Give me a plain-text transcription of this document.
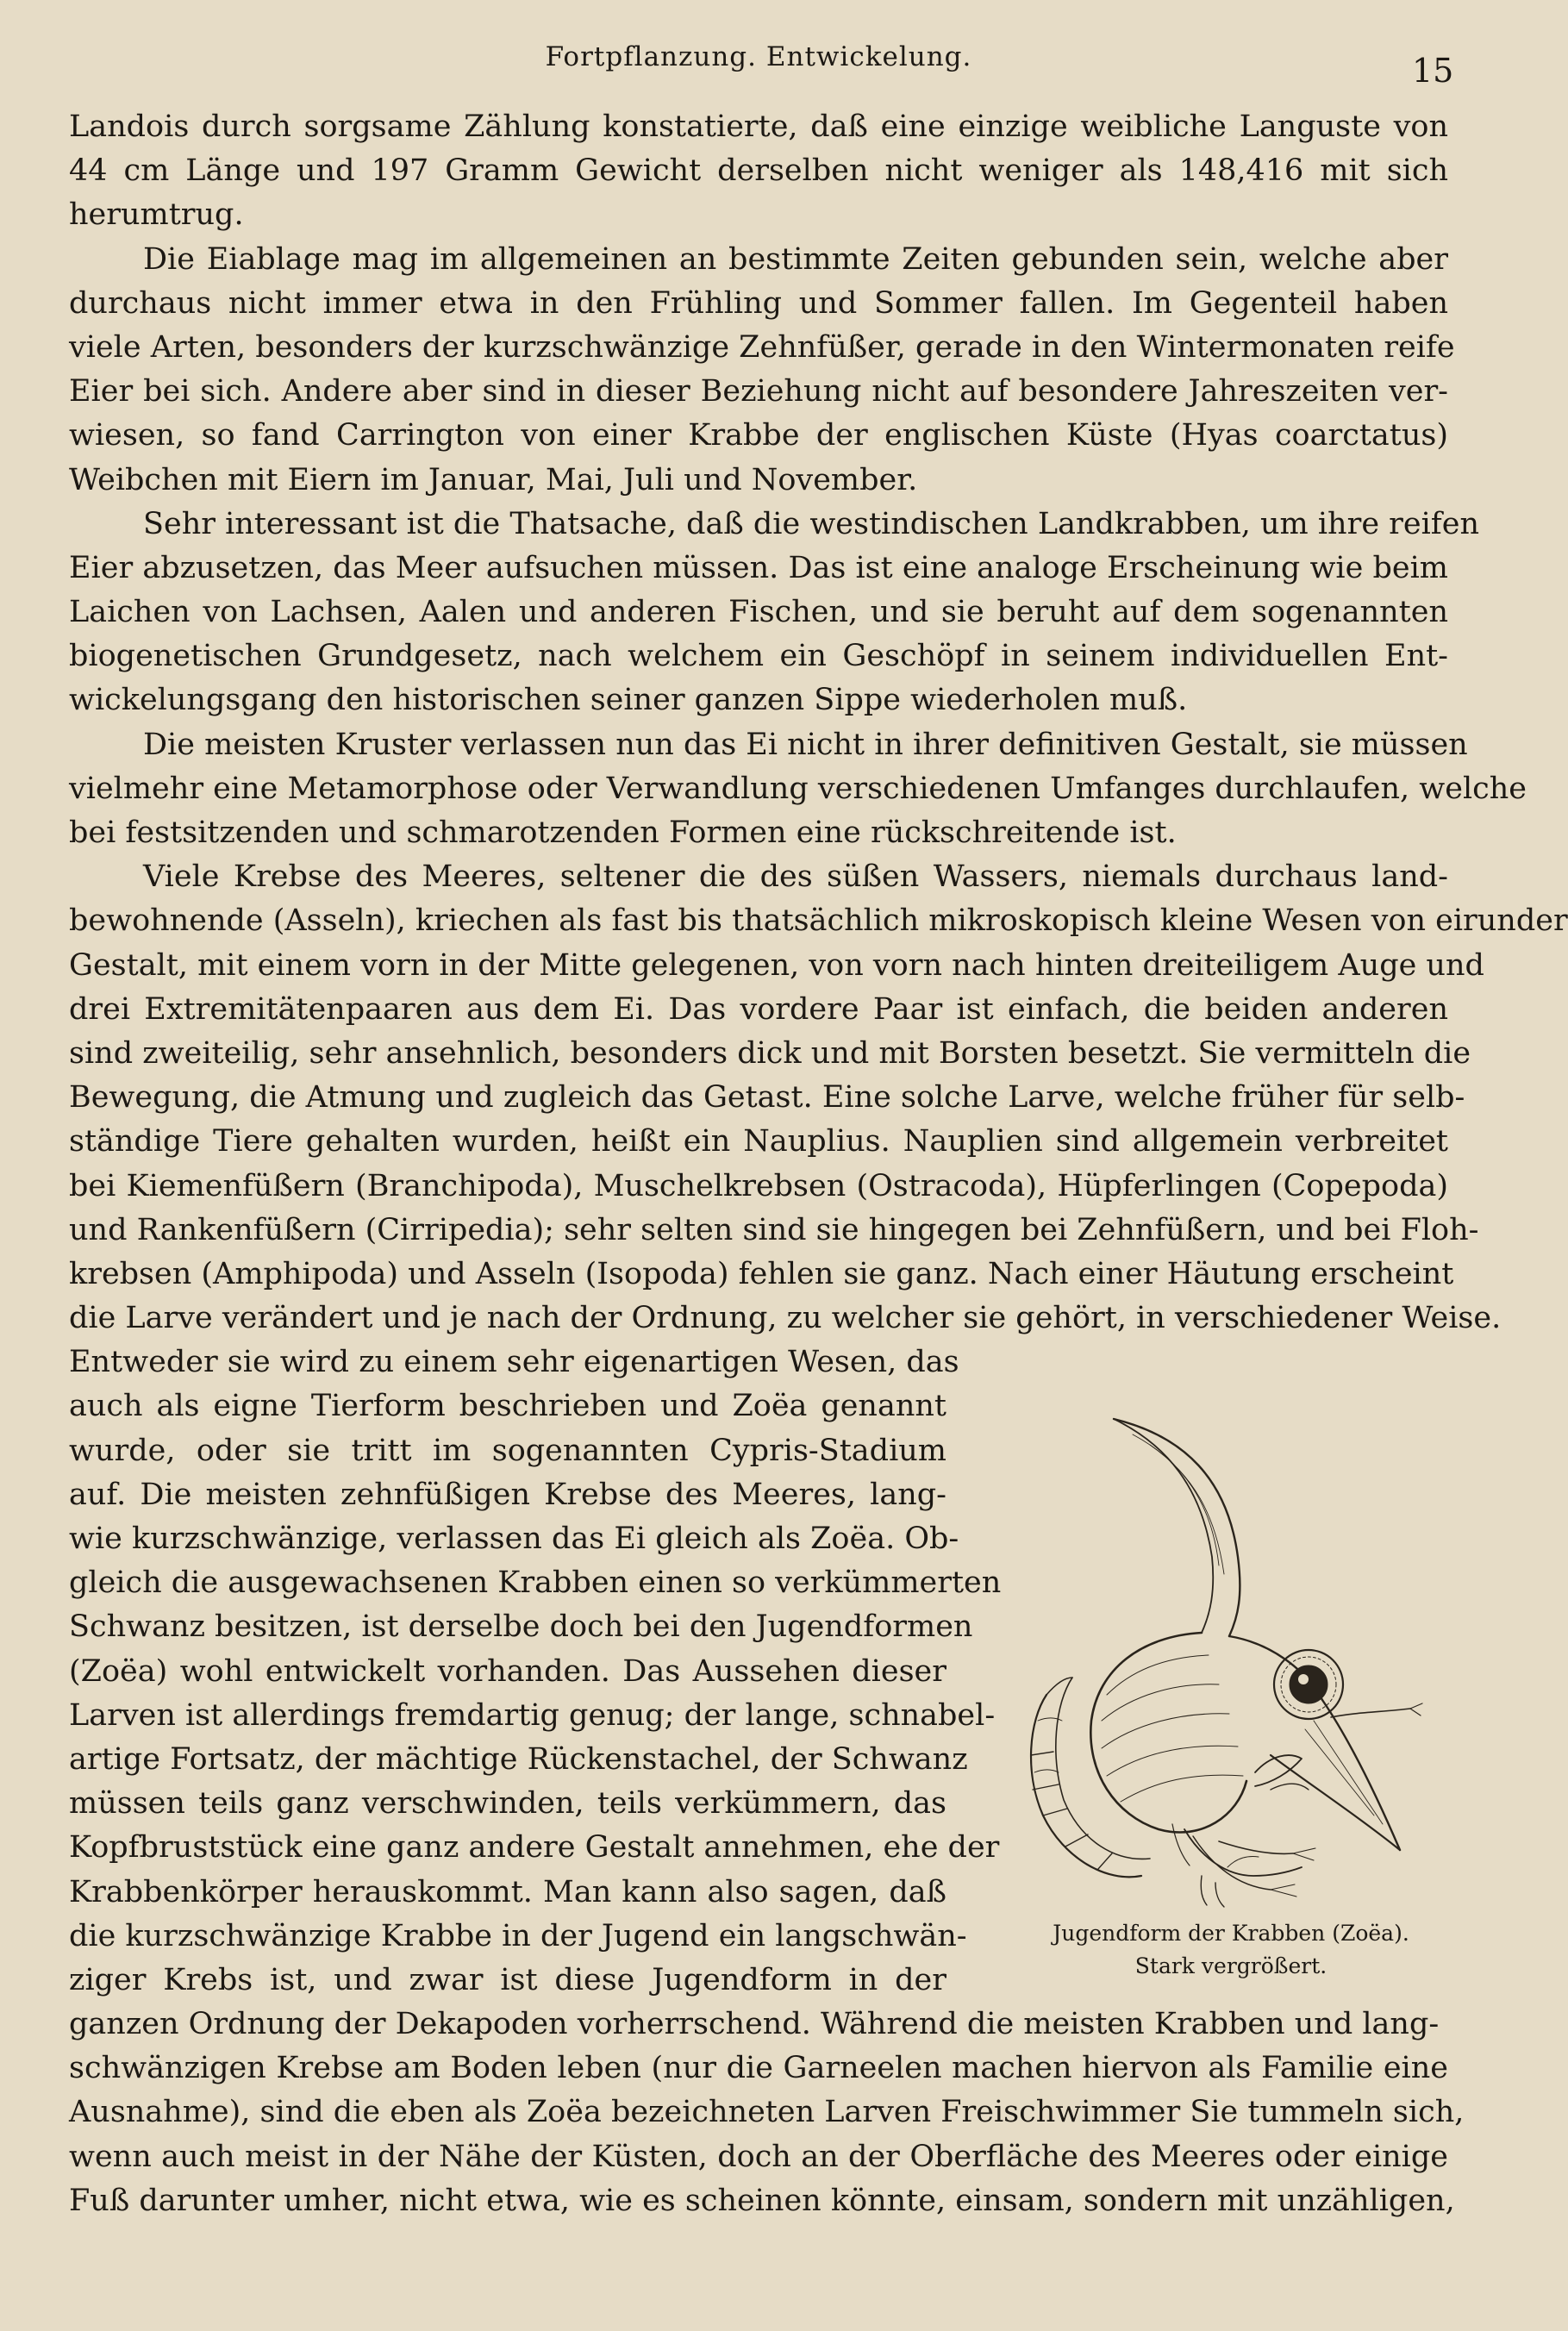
Fortpflanzung. Entwickelung.	15
Landois durch sorgsame Zählung konstatierte, daß eine einzige weibliche Languste von
44 cm Länge und 197 Gramm Gewicht derselben nicht weniger als 148,416 mit sich
herumtrug.
Die Eiablage mag im allgemeinen an bestimmte Zeiten gebunden sein, welche aber
durchaus nicht immer etwa in den Frühling und Sommer fallen. Im Gegenteil haben
viele Arten, besonders der kurzschwänzige Zehnfüßer, gerade in den Wintermonaten reife
Eier bei sich. Andere aber sind in dieser Beziehung nicht auf besondere Jahreszeiten ver-
wiesen, so fand Carrington von einer Krabbe der englischen Küste (Hyas coarctatus)
Weibchen mit Eiern im Januar, Mai, Juli und November.
Sehr interessant ist die Thatsache, daß die westindischen Landkrabben, um ihre reifen
Eier abzusetzen, das Meer aufsuchen müssen. Das ist eine analoge Erscheinung wie beim
Laichen von Lachsen, Aalen und anderen Fischen, und sie beruht auf dem sogenannten
biogenetischen Grundgesetz, nach welchem ein Geschöpf in seinem individuellen Ent-
wickelungsgang den historischen seiner ganzen Sippe wiederholen muß.
Die meisten Kruster verlassen nun das Ei nicht in ihrer definitiven Gestalt, sie müssen
vielmehr eine Metamorphose oder Verwandlung verschiedenen Umfanges durchlaufen, welche
bei festsitzenden und schmarotzenden Formen eine rückschreitende ist.
Viele Krebse des Meeres, seltener die des süßen Wassers, niemals durchaus land-
bewohnende (Asseln), kriechen als fast bis thatsächlich mikroskopisch kleine Wesen von eirunder
Gestalt, mit einem vorn in der Mitte gelegenen, von vorn nach hinten dreiteiligem Auge und
drei Extremitätenpaaren aus dem Ei. Das vordere Paar ist einfach, die beiden anderen
sind zweiteilig, sehr ansehnlich, besonders dick und mit Borsten besetzt. Sie vermitteln die
Bewegung, die Atmung und zugleich das Getast. Eine solche Larve, welche früher für selb-
ständige Tiere gehalten wurden, heißt ein Nauplius. Nauplien sind allgemein verbreitet
bei Kiemenfüßern (Branchipoda), Muschelkrebsen (Ostracoda), Hüpferlingen (Copepoda)
und Rankenfüßern (Cirripedia); sehr selten sind sie hingegen bei Zehnfüßern, und bei Floh-
krebsen (Amphipoda) und Asseln (Isopoda) fehlen sie ganz. Nach einer Häutung erscheint
die Larve verändert und je nach der Ordnung, zu welcher sie gehört, in verschiedener Weise.
Entweder sie wird zu einem sehr eigenartigen Wesen, das
auch als eigne Tierform beschrieben und Zoëa genannt
wurde, oder sie tritt im sogenannten Cypris-Stadium
auf. Die meisten zehnfüßigen Krebse des Meeres, lang-
wie kurzschwänzige, verlassen das Ei gleich als Zoëa. Ob-
gleich die ausgewachsenen Krabben einen so verkümmerten
Schwanz besitzen, ist derselbe doch bei den Jugendformen
(Zoëa) wohl entwickelt vorhanden. Das Aussehen dieser
Larven ist allerdings fremdartig genug; der lange, schnabel-
artige Fortsatz, der mächtige Rückenstachel, der Schwanz
müssen teils ganz verschwinden, teils verkümmern, das
Kopfbruststück eine ganz andere Gestalt annehmen, ehe der
Krabbenkörper herauskommt. Man kann also sagen, daß
die kurzschwänzige Krabbe in der Jugend ein langschwän-
ziger Krebs ist, und zwar ist diese Jugendform in der
ganzen Ordnung der Dekapoden vorherrschend. Während die meisten Krabben und lang-
schwänzigen Krebse am Boden leben (nur die Garneelen machen hiervon als Familie eine
Ausnahme), sind die eben als Zoëa bezeichneten Larven Freischwimmer Sie tummeln sich,
wenn auch meist in der Nähe der Küsten, doch an der Oberfläche des Meeres oder einige
Fuß darunter umher, nicht etwa, wie es scheinen könnte, einsam, sondern mit unzähligen,
Jugendform der Krabben (Zoëa).
Stark vergrößert.
